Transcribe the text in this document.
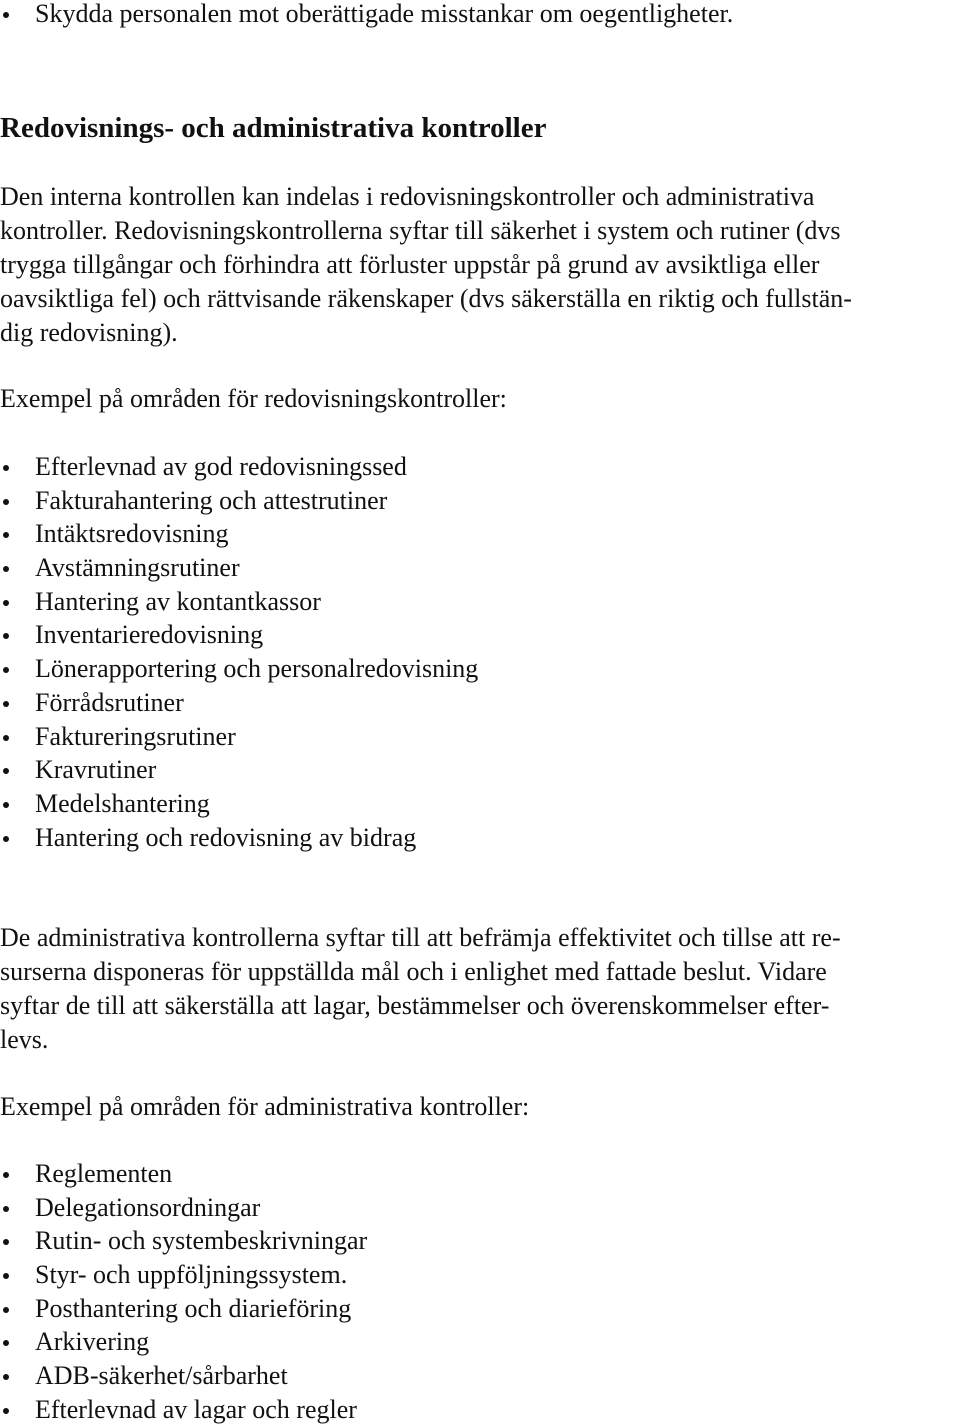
Skydda personalen mot oberättigade misstankar om oegentligheter.
Redovisnings- och administrativa kontroller
Den interna kontrollen kan indelas i redovisningskontroller och administrativa
kontroller. Redovisningskontrollerna syftar till säkerhet i system och rutiner (dvs
trygga tillgångar och förhindra att förluster uppstår på grund av avsiktliga eller
oavsiktliga fel) och rättvisande räkenskaper (dvs säkerställa en riktig och fullstän-
dig redovisning).
Exempel på områden för redovisningskontroller:
Efterlevnad av god redovisningssed
Fakturahantering och attestrutiner
Intäktsredovisning
Avstämningsrutiner
Hantering av kontantkassor
Inventarieredovisning
Lönerapportering och personalredovisning
Förrådsrutiner
Faktureringsrutiner
Kravrutiner
Medelshantering
Hantering och redovisning av bidrag
De administrativa kontrollerna syftar till att befrämja effektivitet och tillse att re-
surserna disponeras för uppställda mål och i enlighet med fattade beslut. Vidare
syftar de till att säkerställa att lagar, bestämmelser och överenskommelser efter-
levs.
Exempel på områden för administrativa kontroller:
Reglementen
Delegationsordningar
Rutin- och systembeskrivningar
Styr- och uppföljningssystem.
Posthantering och diarieföring
Arkivering
ADB-säkerhet/sårbarhet
Efterlevnad av lagar och regler
